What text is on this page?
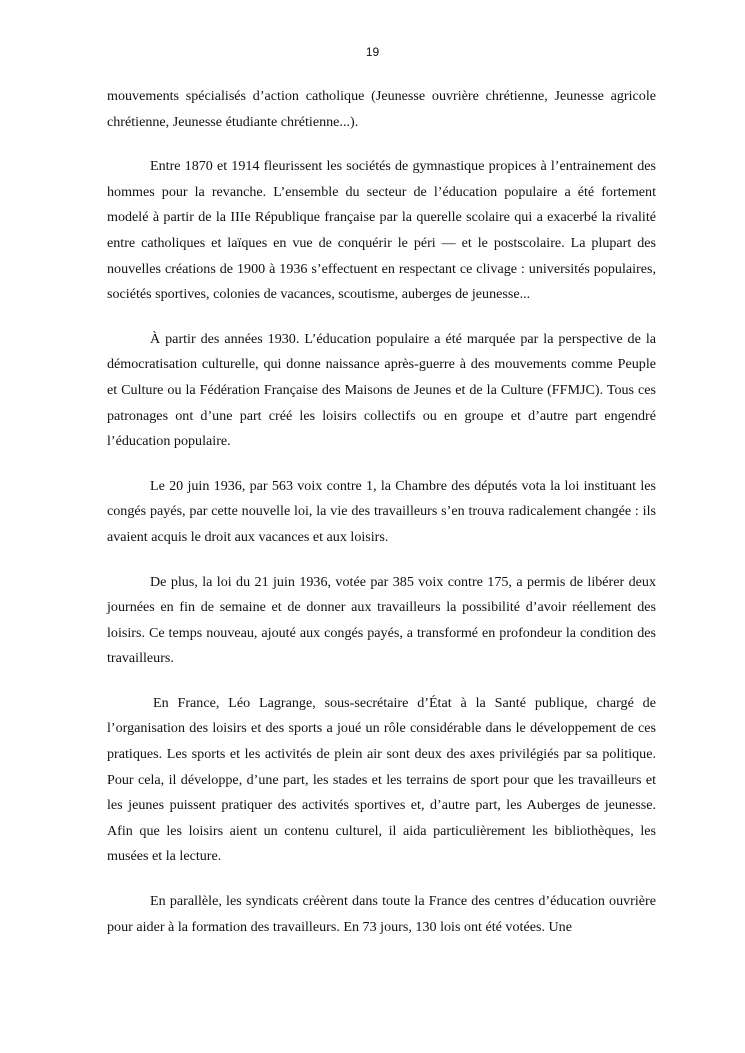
19

mouvements spécialisés d’action catholique (Jeunesse ouvrière chrétienne, Jeunesse agricole chrétienne, Jeunesse étudiante chrétienne...).

Entre 1870 et 1914 fleurissent les sociétés de gymnastique propices à l’entrainement des hommes pour la revanche. L’ensemble du secteur de l’éducation populaire a été fortement modelé à partir de la IIIe République française par la querelle scolaire qui a exacerbé la rivalité entre catholiques et laïques en vue de conquérir le péri — et le postscolaire. La plupart des nouvelles créations de 1900 à 1936 s’effectuent en respectant ce clivage : universités populaires, sociétés sportives, colonies de vacances, scoutisme, auberges de jeunesse...

À partir des années 1930. L’éducation populaire a été marquée par la perspective de la démocratisation culturelle, qui donne naissance après-guerre à des mouvements comme Peuple et Culture ou la Fédération Française des Maisons de Jeunes et de la Culture (FFMJC). Tous ces patronages ont d’une part créé les loisirs collectifs ou en groupe et d’autre part engendré l’éducation populaire.

Le 20 juin 1936, par 563 voix contre 1, la Chambre des députés vota la loi instituant les congés payés, par cette nouvelle loi, la vie des travailleurs s’en trouva radicalement changée : ils avaient acquis le droit aux vacances et aux loisirs.

De plus, la loi du 21 juin 1936, votée par 385 voix contre 175, a permis de libérer deux journées en fin de semaine et de donner aux travailleurs la possibilité d’avoir réellement des loisirs. Ce temps nouveau, ajouté aux congés payés, a transformé en profondeur la condition des travailleurs.

En France, Léo Lagrange, sous-secrétaire d’État à la Santé publique, chargé de l’organisation des loisirs et des sports a joué un rôle considérable dans le développement de ces pratiques. Les sports et les activités de plein air sont deux des axes privilégiés par sa politique. Pour cela, il développe, d’une part, les stades et les terrains de sport pour que les travailleurs et les jeunes puissent pratiquer des activités sportives et, d’autre part, les Auberges de jeunesse. Afin que les loisirs aient un contenu culturel, il aida particulièrement les bibliothèques, les musées et la lecture.

En parallèle, les syndicats créèrent dans toute la France des centres d’éducation ouvrière pour aider à la formation des travailleurs. En 73 jours, 130 lois ont été votées. Une
